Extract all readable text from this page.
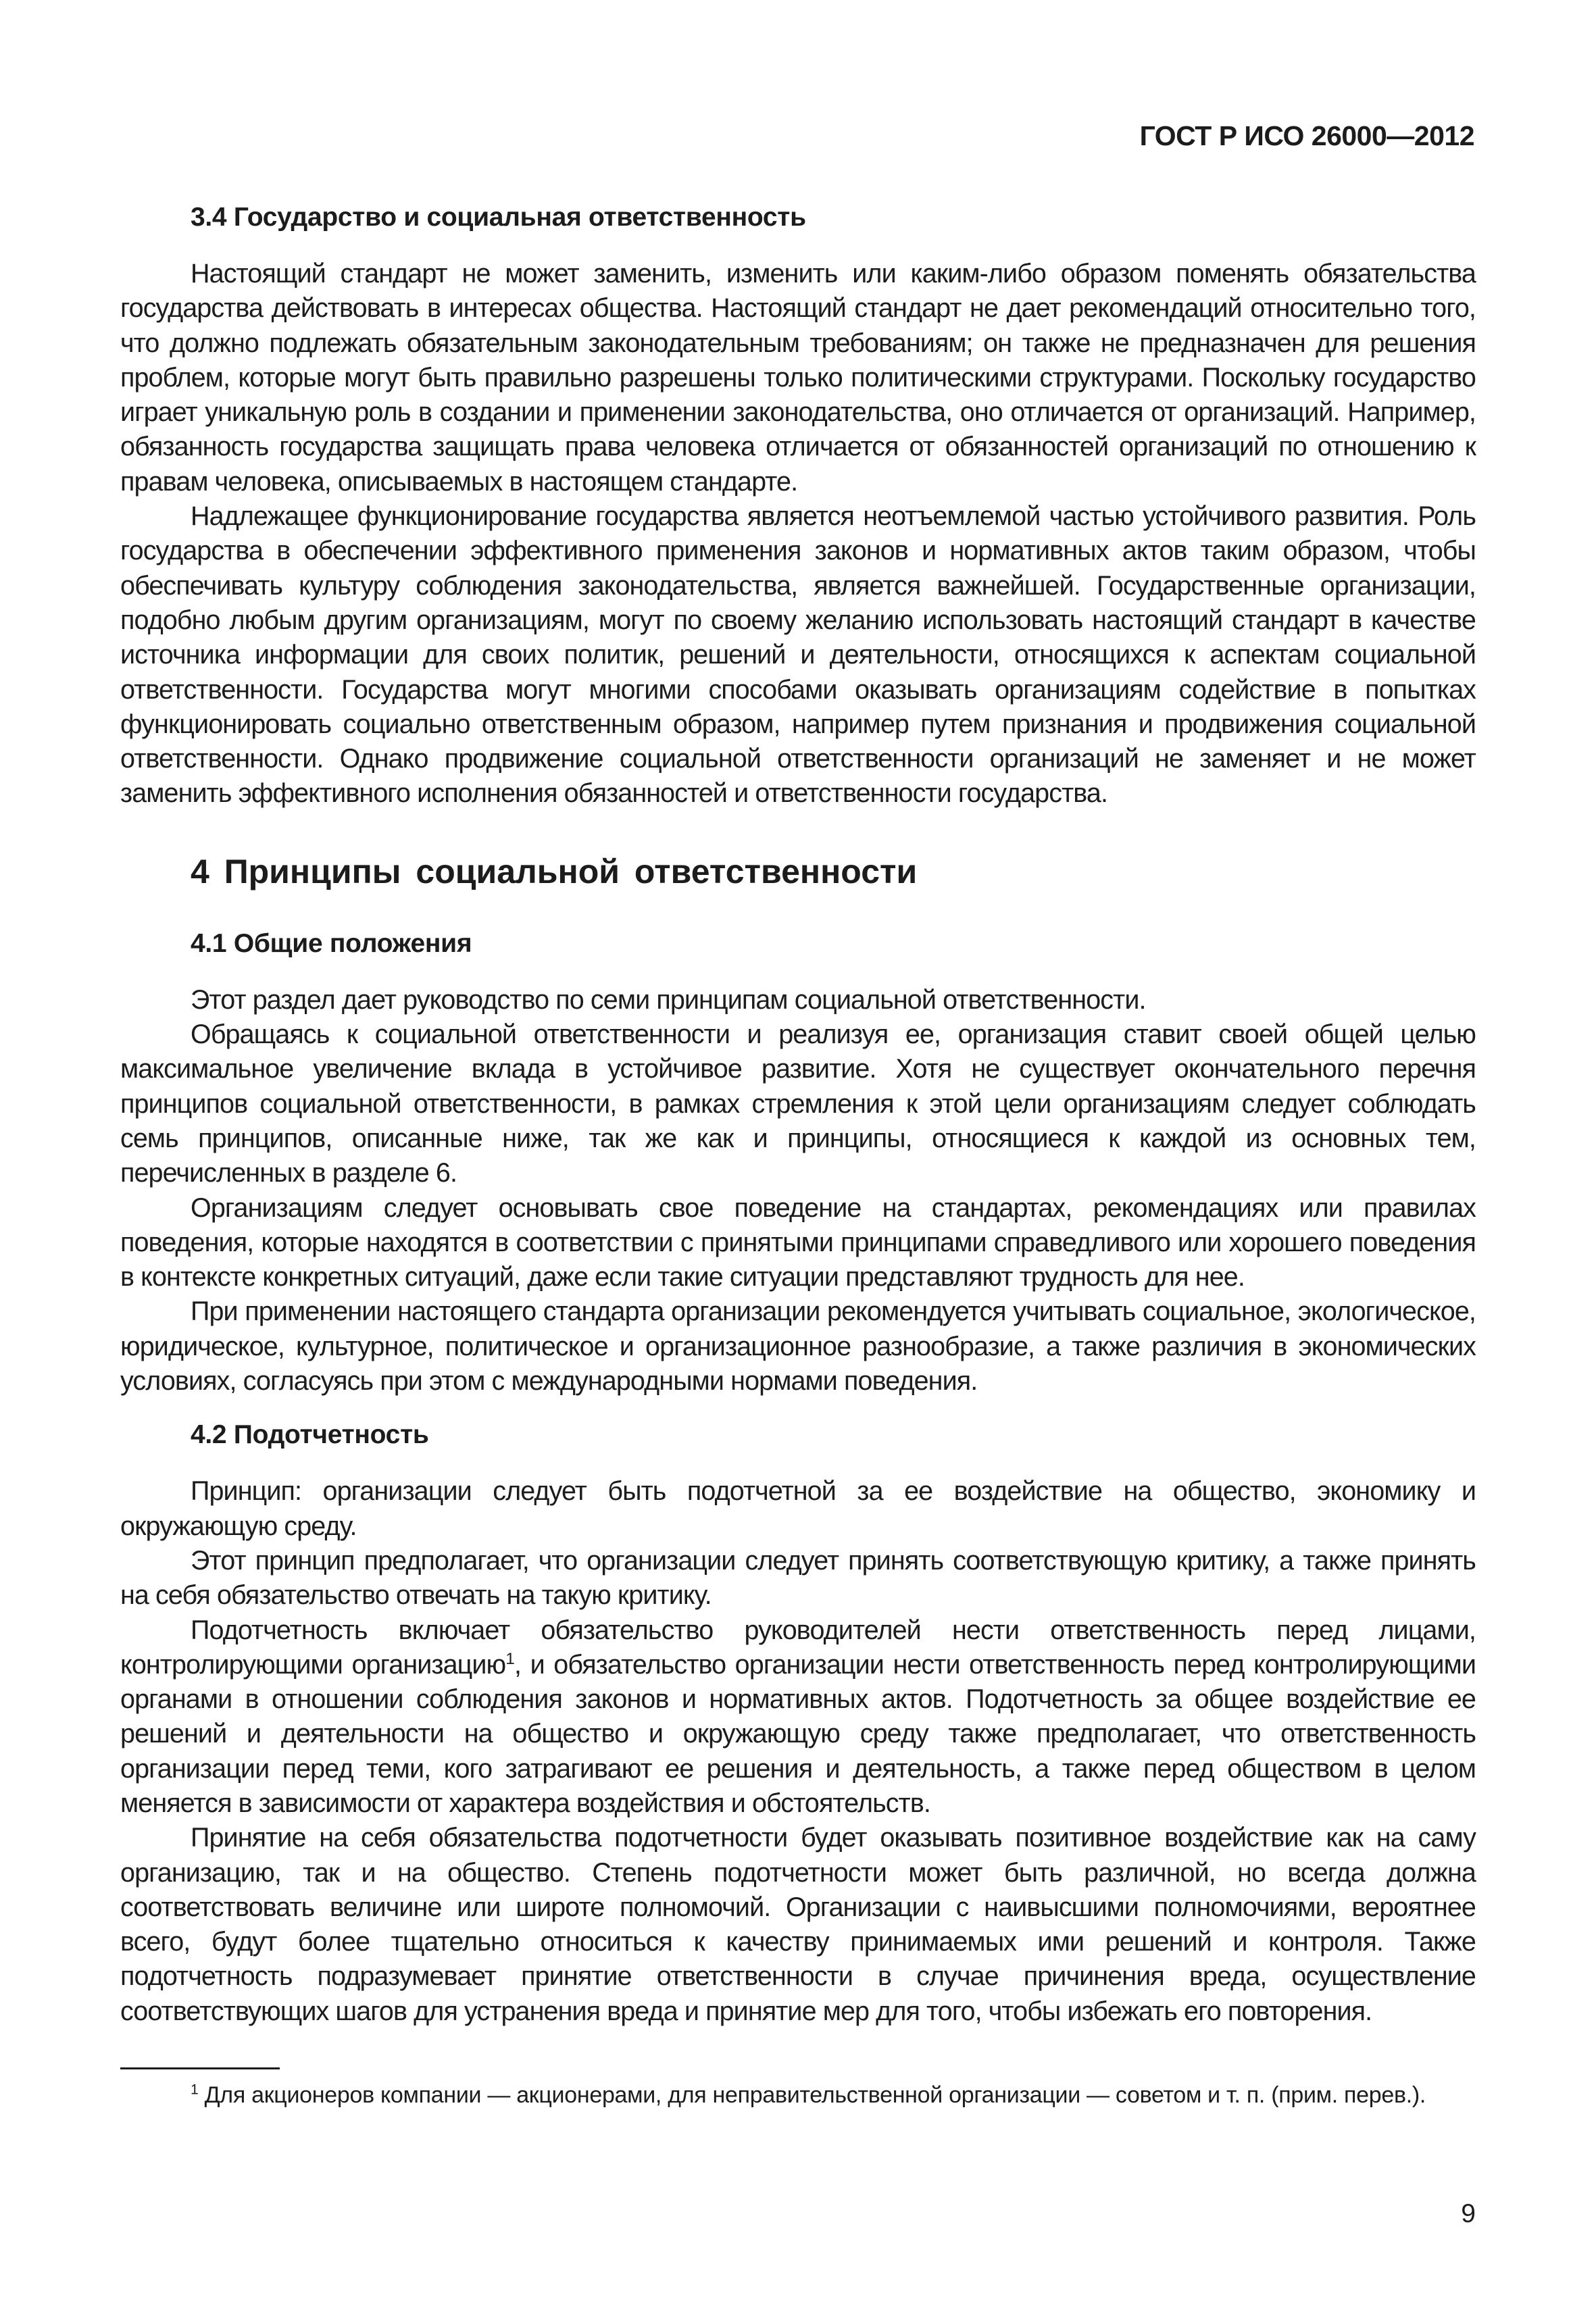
ГОСТ Р ИСО 26000—2012
3.4 Государство и социальная ответственность

Настоящий стандарт не может заменить, изменить или каким-либо образом поменять обязательства государства действовать в интересах общества. Настоящий стандарт не дает рекомендаций относительно того, что должно подлежать обязательным законодательным требованиям; он также не предназначен для решения проблем, которые могут быть правильно разрешены только политическими структурами. Поскольку государство играет уникальную роль в создании и применении законодательства, оно отличается от организаций. Например, обязанность государства защищать права человека отличается от обязанностей организаций по отношению к правам человека, описываемых в настоящем стандарте.

Надлежащее функционирование государства является неотъемлемой частью устойчивого развития. Роль государства в обеспечении эффективного применения законов и нормативных актов таким образом, чтобы обеспечивать культуру соблюдения законодательства, является важнейшей. Государственные организации, подобно любым другим организациям, могут по своему желанию использовать настоящий стандарт в качестве источника информации для своих политик, решений и деятельности, относящихся к аспектам социальной ответственности. Государства могут многими способами оказывать организациям содействие в попытках функционировать социально ответственным образом, например путем признания и продвижения социальной ответственности. Однако продвижение социальной ответственности организаций не заменяет и не может заменить эффективного исполнения обязанностей и ответственности государства.

4 Принципы социальной ответственности
4.1 Общие положения

Этот раздел дает руководство по семи принципам социальной ответственности.

Обращаясь к социальной ответственности и реализуя ее, организация ставит своей общей целью максимальное увеличение вклада в устойчивое развитие. Хотя не существует окончательного перечня принципов социальной ответственности, в рамках стремления к этой цели организациям следует соблюдать семь принципов, описанные ниже, так же как и принципы, относящиеся к каждой из основных тем, перечисленных в разделе 6.

Организациям следует основывать свое поведение на стандартах, рекомендациях или правилах поведения, которые находятся в соответствии с принятыми принципами справедливого или хорошего поведения в контексте конкретных ситуаций, даже если такие ситуации представляют трудность для нее.

При применении настоящего стандарта организации рекомендуется учитывать социальное, экологическое, юридическое, культурное, политическое и организационное разнообразие, а также различия в экономических условиях, согласуясь при этом с международными нормами поведения.

4.2 Подотчетность

Принцип: организации следует быть подотчетной за ее воздействие на общество, экономику и окружающую среду.

Этот принцип предполагает, что организации следует принять соответствующую критику, а также принять на себя обязательство отвечать на такую критику.

Подотчетность включает обязательство руководителей нести ответственность перед лицами, контролирующими организацию$^1$, и обязательство организации нести ответственность перед контролирующими органами в отношении соблюдения законов и нормативных актов. Подотчетность за общее воздействие ее решений и деятельности на общество и окружающую среду также предполагает, что ответственность организации перед теми, кого затрагивают ее решения и деятельность, а также перед обществом в целом меняется в зависимости от характера воздействия и обстоятельств.

Принятие на себя обязательства подотчетности будет оказывать позитивное воздействие как на саму организацию, так и на общество. Степень подотчетности может быть различной, но всегда должна соответствовать величине или широте полномочий. Организации с наивысшими полномочиями, вероятнее всего, будут более тщательно относиться к качеству принимаемых ими решений и контроля. Также подотчетность подразумевает принятие ответственности в случае причинения вреда, осуществление соответствующих шагов для устранения вреда и принятие мер для того, чтобы избежать его повторения.

$^1$ Для акционеров компании — акционерами, для неправительственной организации — советом и т. п. (прим. перев.).
9
